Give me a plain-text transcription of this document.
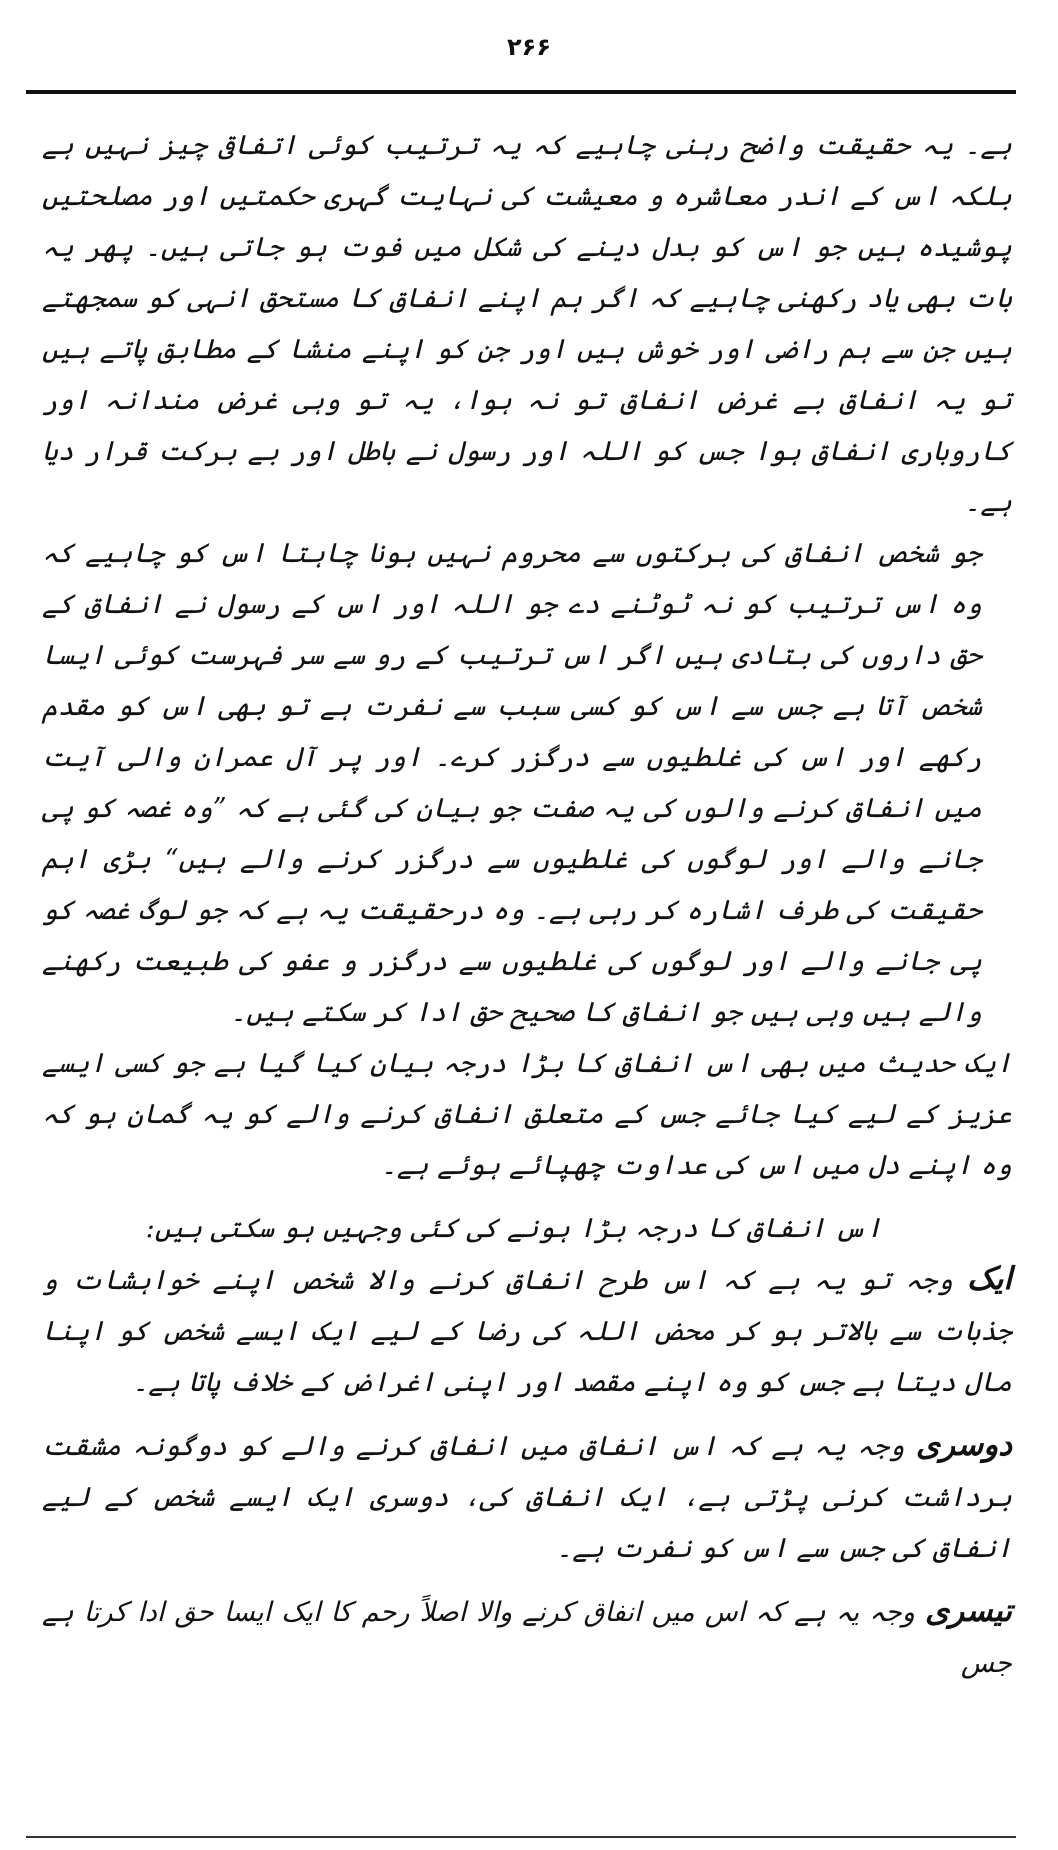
۲۶۶

ہے۔ یہ حقیقت واضح رہنی چاہیے کہ یہ ترتیب کوئی اتفاقی چیز نہیں ہے بلکہ اس کے اندر معاشرہ و معیشت کی نہایت گہری حکمتیں اور مصلحتیں پوشیدہ ہیں جو اس کو بدل دینے کی شکل میں فوت ہو جاتی ہیں۔ پھر یہ بات بھی یاد رکھنی چاہیے کہ اگر ہم اپنے انفاق کا مستحق انہی کو سمجھتے ہیں جن سے ہم راضی اور خوش ہیں اور جن کو اپنے منشا کے مطابق پاتے ہیں تو یہ انفاق بے غرض انفاق تو نہ ہوا، یہ تو وہی غرض مندانہ اور کاروباری انفاق ہوا جس کو اللہ اور رسول نے باطل اور بے برکت قرار دیا ہے۔

جو شخص انفاق کی برکتوں سے محروم نہیں ہونا چاہتا اس کو چاہیے کہ وہ اس ترتیب کو نہ ٹوٹنے دے جو اللہ اور اس کے رسول نے انفاق کے حق داروں کی بتادی ہیں اگر اس ترتیب کے رو سے سر فہرست کوئی ایسا شخص آتا ہے جس سے اس کو کسی سبب سے نفرت ہے تو بھی اس کو مقدم رکھے اور اس کی غلطیوں سے درگزر کرے۔ اور پر آل عمران والی آیت میں انفاق کرنے والوں کی یہ صفت جو بیان کی گئی ہے کہ ”وہ غصہ کو پی جانے والے اور لوگوں کی غلطیوں سے درگزر کرنے والے ہیں“ بڑی اہم حقیقت کی طرف اشارہ کر رہی ہے۔ وہ درحقیقت یہ ہے کہ جو لوگ غصہ کو پی جانے والے اور لوگوں کی غلطیوں سے درگزر و عفو کی طبیعت رکھنے والے ہیں وہی ہیں جو انفاق کا صحیح حق ادا کر سکتے ہیں۔

ایک حدیث میں بھی اس انفاق کا بڑا درجہ بیان کیا گیا ہے جو کسی ایسے عزیز کے لیے کیا جائے جس کے متعلق انفاق کرنے والے کو یہ گمان ہو کہ وہ اپنے دل میں اس کی عداوت چھپائے ہوئے ہے۔

اس انفاق کا درجہ بڑا ہونے کی کئی وجہیں ہو سکتی ہیں:

ایک وجہ تو یہ ہے کہ اس طرح انفاق کرنے والا شخص اپنے خواہشات و جذبات سے بالاتر ہو کر محض اللہ کی رضا کے لیے ایک ایسے شخص کو اپنا مال دیتا ہے جس کو وہ اپنے مقصد اور اپنی اغراض کے خلاف پاتا ہے۔

دوسری وجہ یہ ہے کہ اس انفاق میں انفاق کرنے والے کو دوگونہ مشقت برداشت کرنی پڑتی ہے، ایک انفاق کی، دوسری ایک ایسے شخص کے لیے انفاق کی جس سے اس کو نفرت ہے۔

تیسری وجہ یہ ہے کہ اس میں انفاق کرنے والا اصلاً رحم کا ایک ایسا حق ادا کرتا ہے جس
